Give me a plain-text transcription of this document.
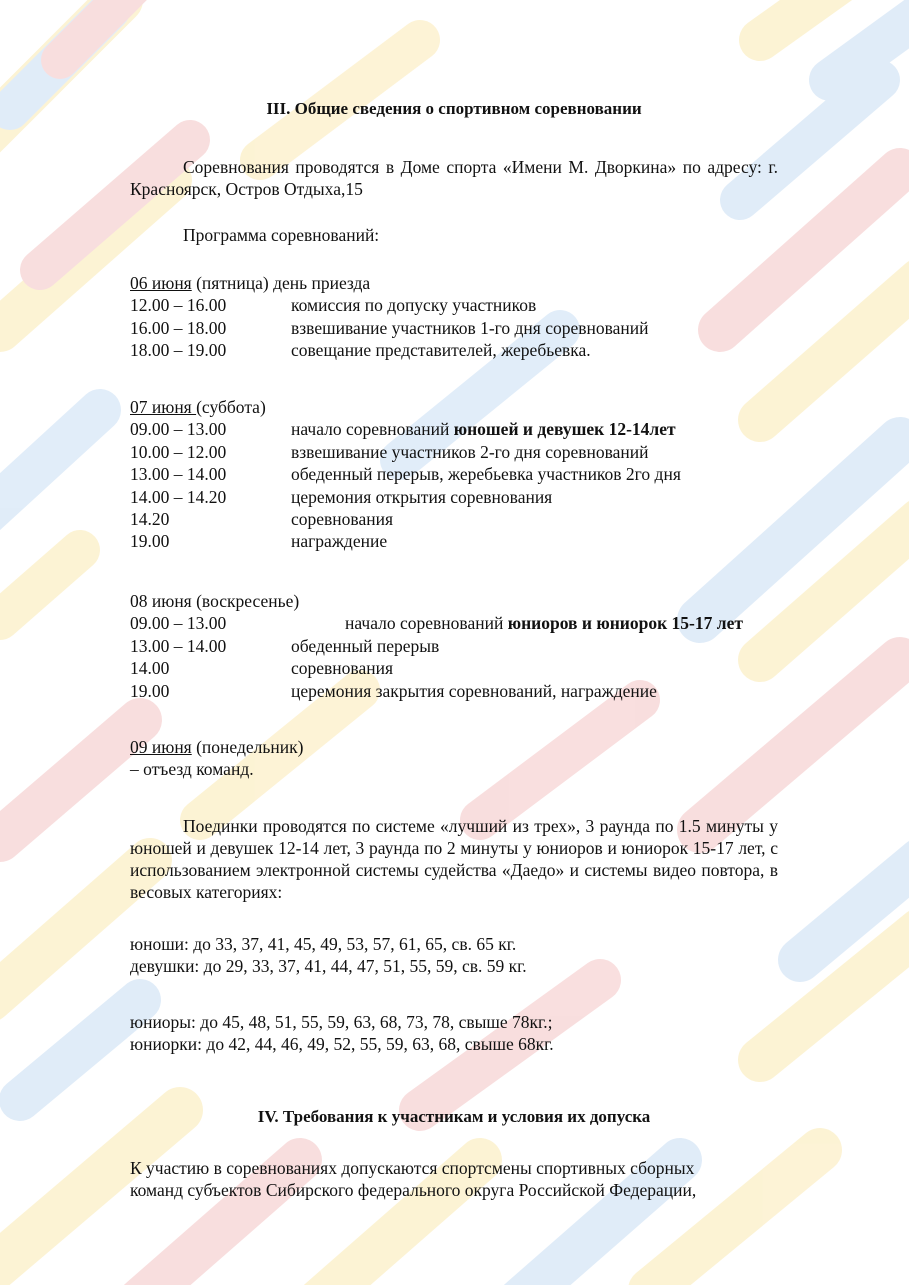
III. Общие сведения о спортивном соревновании
Соревнования проводятся в Доме спорта «Имени М. Дворкина» по адресу: г. Красноярск, Остров Отдыха,15
Программа соревнований:
06 июня (пятница) день приезда
12.00 – 16.00	комиссия по допуску участников
16.00 – 18.00	взвешивание участников 1-го дня соревнований
18.00 – 19.00	совещание представителей, жеребьевка.
07 июня (суббота)
09.00 – 13.00	начало соревнований юношей и девушек 12-14лет
10.00 – 12.00	взвешивание участников 2-го дня соревнований
13.00 – 14.00	обеденный перерыв, жеребьевка участников 2го дня
14.00 – 14.20	церемония открытия соревнования
14.20	соревнования
19.00	награждение
08 июня (воскресенье)
09.00 – 13.00	начало соревнований юниоров и юниорок 15-17 лет
13.00 – 14.00	обеденный перерыв
14.00	соревнования
19.00	церемония закрытия соревнований, награждение
09 июня (понедельник)
– отъезд команд.
Поединки проводятся по системе «лучший из трех», 3 раунда по 1.5 минуты у юношей и девушек 12-14 лет, 3 раунда по 2 минуты у юниоров и юниорок 15-17 лет, с использованием электронной системы судейства «Даедо» и системы видео повтора, в весовых категориях:
юноши: до 33, 37, 41, 45, 49, 53, 57, 61, 65, св. 65 кг.
девушки: до 29, 33, 37, 41, 44, 47, 51, 55, 59, св. 59 кг.
юниоры: до 45, 48, 51, 55, 59, 63, 68, 73, 78, свыше 78кг.;
юниорки: до 42, 44, 46, 49, 52, 55, 59, 63, 68, свыше 68кг.
IV. Требования к участникам и условия их допуска
К участию в соревнованиях допускаются спортсмены спортивных сборных
команд субъектов Сибирского федерального округа Российской Федерации,
